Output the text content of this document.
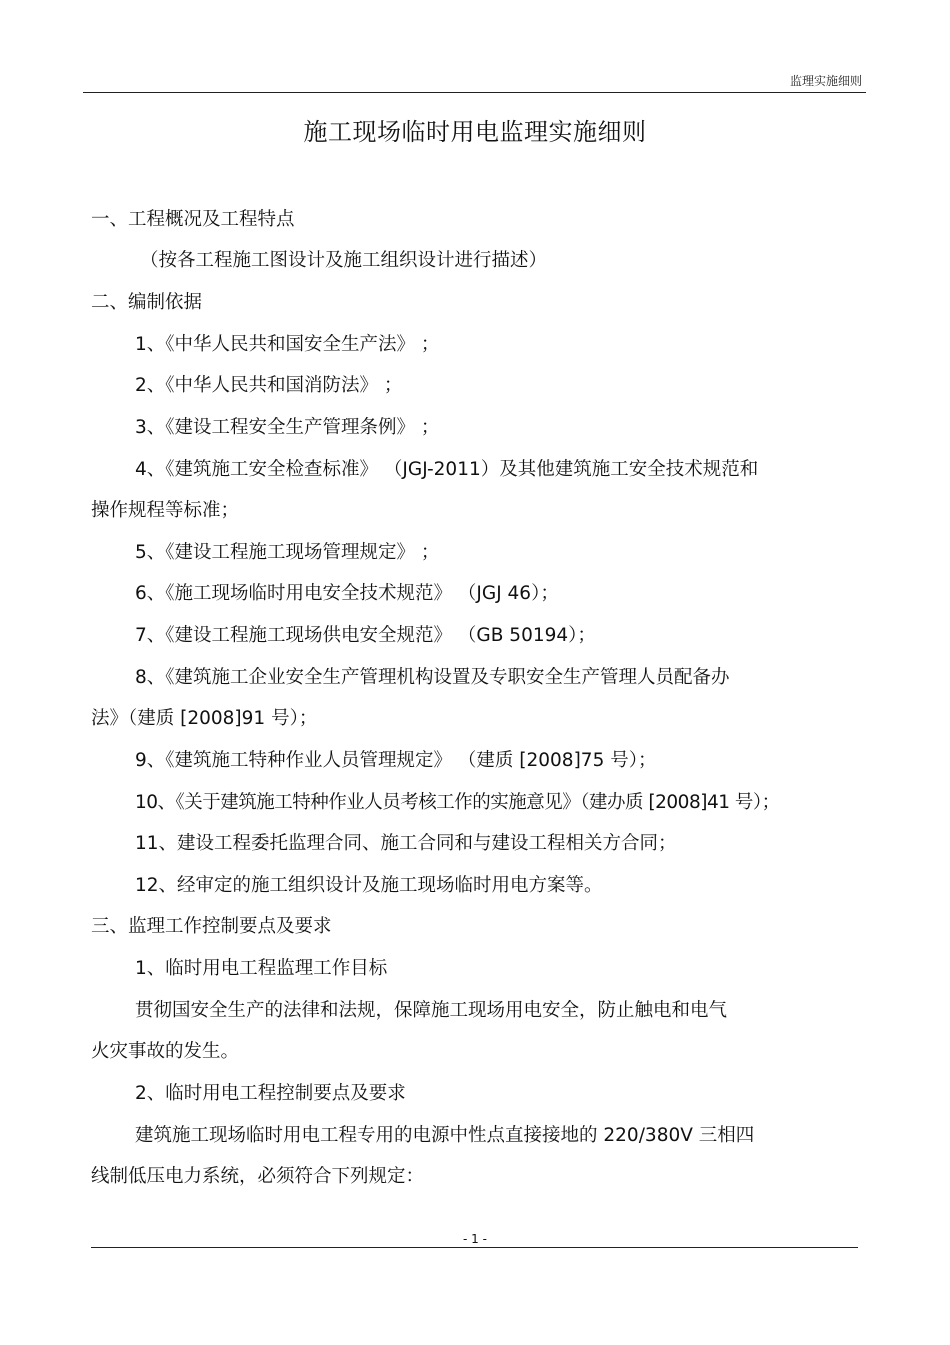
监理实施细则
施工现场临时用电监理实施细则
一、工程概况及工程特点
（按各工程施工图设计及施工组织设计进行描述）
二、编制依据
1、《中华人民共和国安全生产法》 ；
2、《中华人民共和国消防法》 ；
3、《建设工程安全生产管理条例》 ；
4、《建筑施工安全检查标准》 （JGJ-2011）及其他建筑施工安全技术规范和
操作规程等标准；
5、《建设工程施工现场管理规定》 ；
6、《施工现场临时用电安全技术规范》 （JGJ 46）；
7、《建设工程施工现场供电安全规范》 （GB 50194）；
8、《建筑施工企业安全生产管理机构设置及专职安全生产管理人员配备办
法》（建质 [2008]91 号）；
9、《建筑施工特种作业人员管理规定》 （建质 [2008]75 号）；
10、《关于建筑施工特种作业人员考核工作的实施意见》（建办质 [2008]41 号）；
11、建设工程委托监理合同、施工合同和与建设工程相关方合同；
12、经审定的施工组织设计及施工现场临时用电方案等。
三、监理工作控制要点及要求
1、临时用电工程监理工作目标
贯彻国安全生产的法律和法规，保障施工现场用电安全，防止触电和电气
火灾事故的发生。
2、临时用电工程控制要点及要求
建筑施工现场临时用电工程专用的电源中性点直接接地的 220/380V 三相四
线制低压电力系统，必须符合下列规定：
- 1 -
